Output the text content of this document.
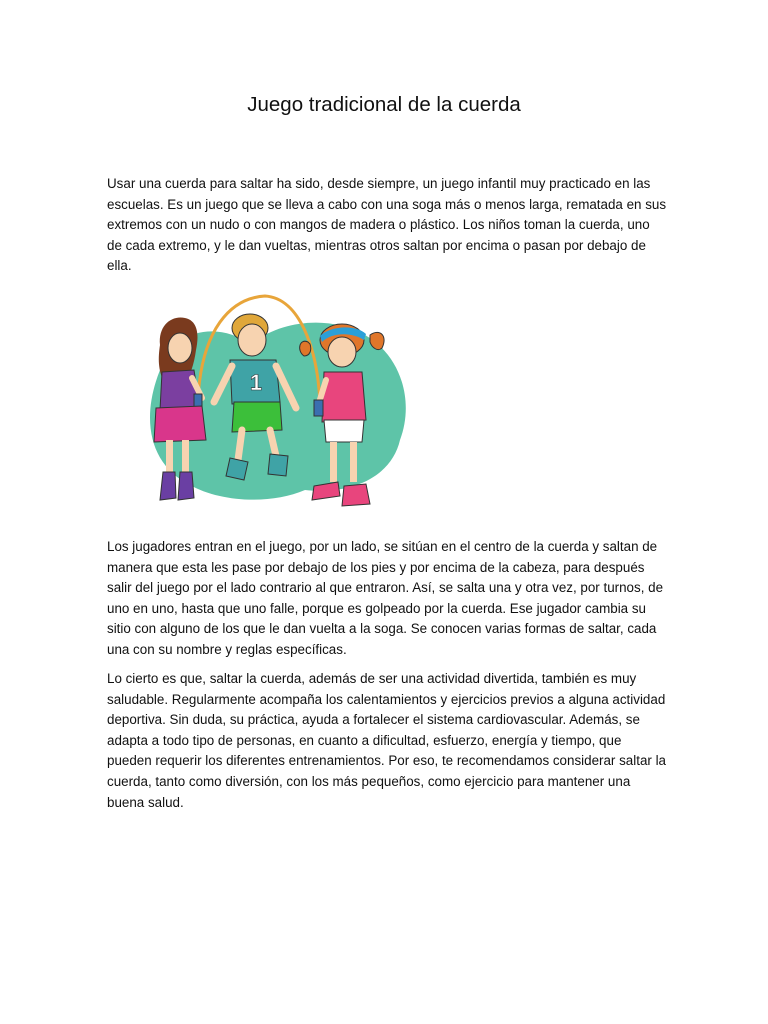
Juego tradicional de la cuerda

Usar una cuerda para saltar ha sido, desde siempre, un juego infantil muy practicado en las escuelas. Es un juego que se lleva a cabo con una soga más o menos larga, rematada en sus extremos con un nudo o con mangos de madera o plástico. Los niños toman la cuerda, uno de cada extremo, y le dan vueltas, mientras otros saltan por encima o pasan por debajo de ella.

1

Los jugadores entran en el juego, por un lado, se sitúan en el centro de la cuerda y saltan de manera que esta les pase por debajo de los pies y por encima de la cabeza, para después salir del juego por el lado contrario al que entraron. Así, se salta una y otra vez, por turnos, de uno en uno, hasta que uno falle, porque es golpeado por la cuerda. Ese jugador cambia su sitio con alguno de los que le dan vuelta a la soga. Se conocen varias formas de saltar, cada una con su nombre y reglas específicas.

Lo cierto es que, saltar la cuerda, además de ser una actividad divertida, también es muy saludable. Regularmente acompaña los calentamientos y ejercicios previos a alguna actividad deportiva. Sin duda, su práctica, ayuda a fortalecer el sistema cardiovascular. Además, se adapta a todo tipo de personas, en cuanto a dificultad, esfuerzo, energía y tiempo, que pueden requerir los diferentes entrenamientos. Por eso, te recomendamos considerar saltar la cuerda, tanto como diversión, con los más pequeños, como ejercicio para mantener una buena salud.
